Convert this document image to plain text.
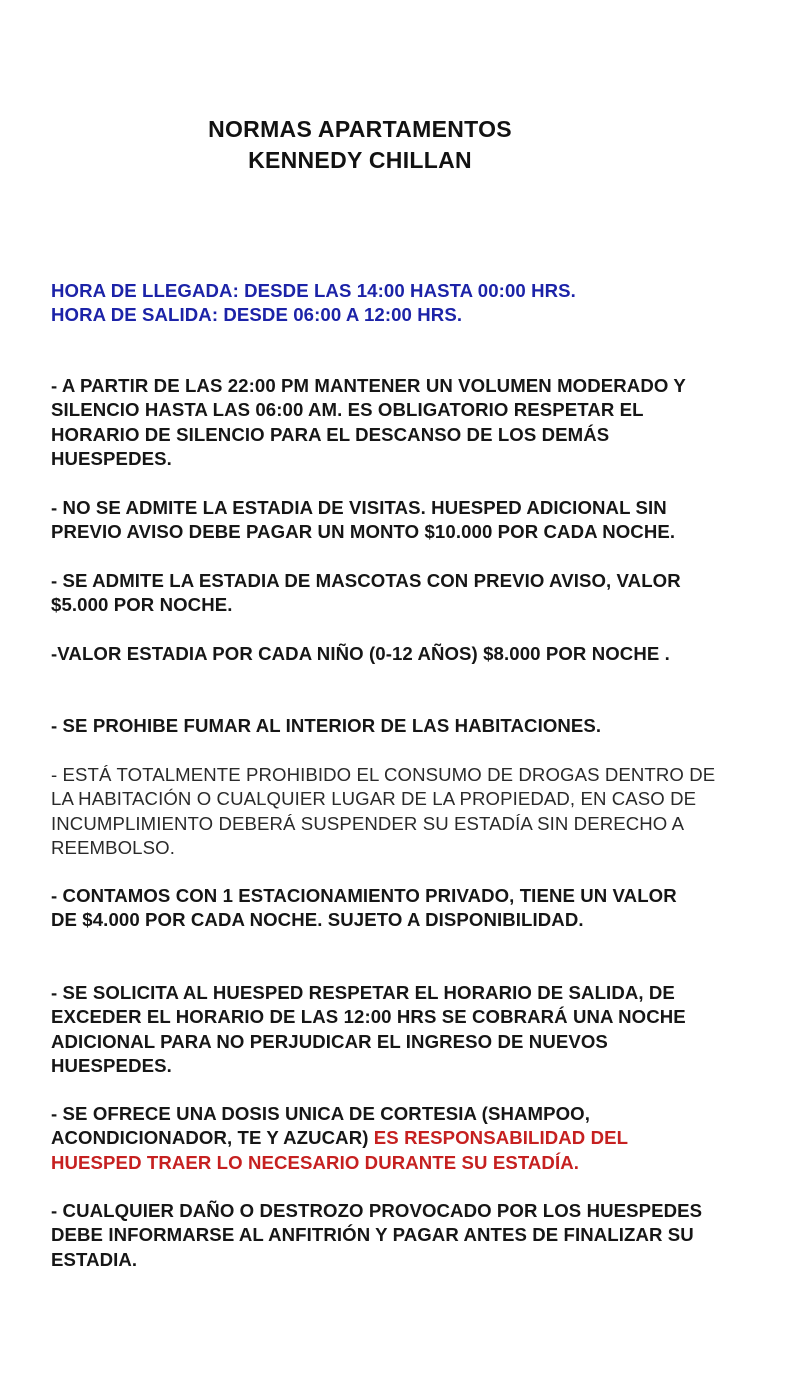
NORMAS APARTAMENTOS
KENNEDY CHILLAN
HORA DE LLEGADA: DESDE LAS 14:00 HASTA 00:00 HRS.
HORA DE SALIDA: DESDE 06:00 A 12:00 HRS.
- A PARTIR DE LAS 22:00 PM MANTENER UN VOLUMEN MODERADO Y
SILENCIO HASTA LAS 06:00 AM. ES OBLIGATORIO RESPETAR EL
HORARIO DE SILENCIO PARA EL DESCANSO DE LOS DEMÁS
HUESPEDES.
- NO SE ADMITE LA ESTADIA DE VISITAS. HUESPED ADICIONAL SIN
PREVIO AVISO DEBE PAGAR UN MONTO $10.000 POR CADA NOCHE.
- SE ADMITE LA ESTADIA DE MASCOTAS CON PREVIO AVISO, VALOR
$5.000 POR NOCHE.
-VALOR ESTADIA POR CADA NIÑO (0-12 AÑOS) $8.000 POR NOCHE .
- SE PROHIBE FUMAR AL INTERIOR DE LAS HABITACIONES.
- ESTÁ TOTALMENTE PROHIBIDO EL CONSUMO DE DROGAS DENTRO DE
LA HABITACIÓN O CUALQUIER LUGAR DE LA PROPIEDAD, EN CASO DE
INCUMPLIMIENTO DEBERÁ SUSPENDER SU ESTADÍA SIN DERECHO A
REEMBOLSO.
- CONTAMOS CON 1 ESTACIONAMIENTO PRIVADO, TIENE UN VALOR
DE $4.000 POR CADA NOCHE. SUJETO A DISPONIBILIDAD.
- SE SOLICITA AL HUESPED RESPETAR EL HORARIO DE SALIDA, DE
EXCEDER EL HORARIO DE LAS 12:00 HRS SE COBRARÁ UNA NOCHE
ADICIONAL PARA NO PERJUDICAR EL INGRESO DE NUEVOS
HUESPEDES.
- SE OFRECE UNA DOSIS UNICA DE CORTESIA (SHAMPOO,
ACONDICIONADOR, TE Y AZUCAR) ES RESPONSABILIDAD DEL
HUESPED TRAER LO NECESARIO DURANTE SU ESTADÍA.
- CUALQUIER DAÑO O DESTROZO PROVOCADO POR LOS HUESPEDES
DEBE INFORMARSE AL ANFITRIÓN Y PAGAR ANTES DE FINALIZAR SU
ESTADIA.
